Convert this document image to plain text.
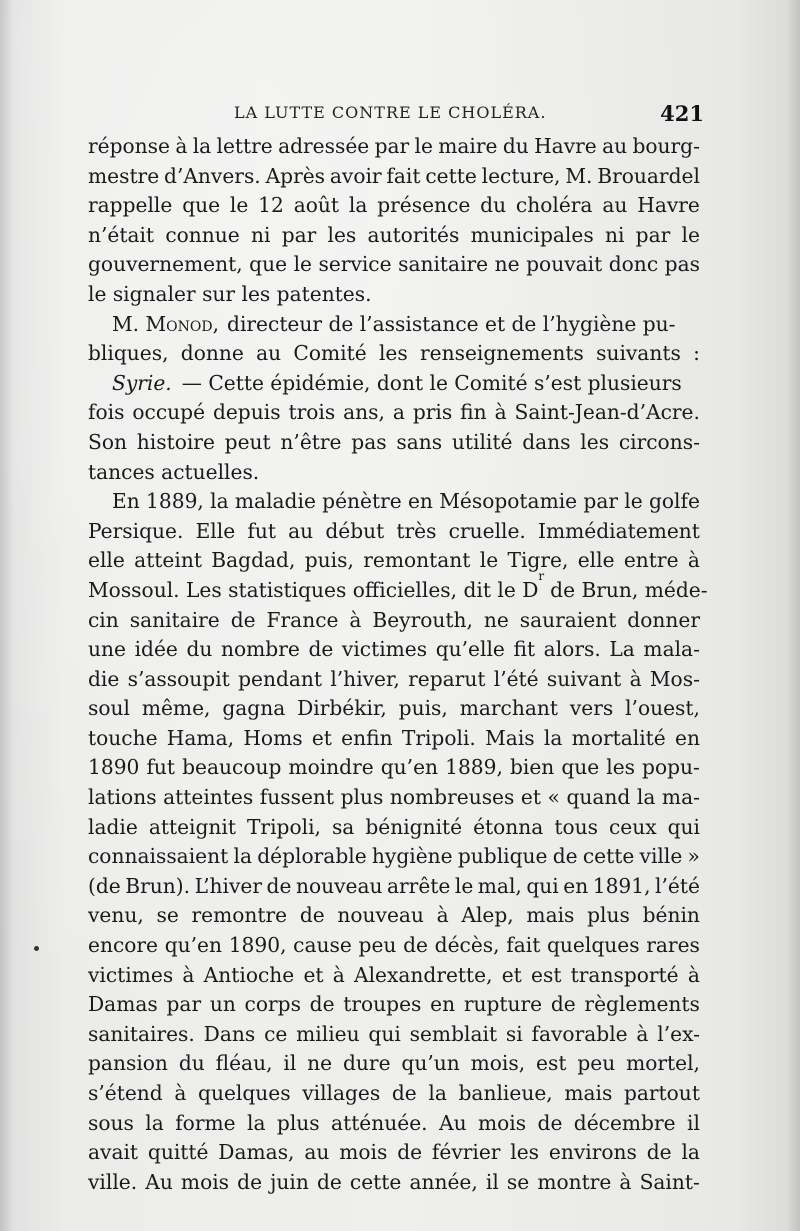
LA LUTTE CONTRE LE CHOLÉRA.	421
réponse à la lettre adressée par le maire du Havre au bourg-
mestre d’Anvers. Après avoir fait cette lecture, M. Brouardel
rappelle que le 12 août la présence du choléra au Havre
n’était connue ni par les autorités municipales ni par le
gouvernement, que le service sanitaire ne pouvait donc pas
le signaler sur les patentes.
M. Monod, directeur de l’assistance et de l’hygiène pu-
bliques, donne au Comité les renseignements suivants :
Syrie. — Cette épidémie, dont le Comité s’est plusieurs
fois occupé depuis trois ans, a pris fin à Saint-Jean-d’Acre.
Son histoire peut n’être pas sans utilité dans les circons-
tances actuelles.
En 1889, la maladie pénètre en Mésopotamie par le golfe
Persique. Elle fut au début très cruelle. Immédiatement
elle atteint Bagdad, puis, remontant le Tigre, elle entre à
Mossoul. Les statistiques officielles, dit le D
r
de Brun, méde-
cin sanitaire de France à Beyrouth, ne sauraient donner
une idée du nombre de victimes qu’elle fit alors. La mala-
die s’assoupit pendant l’hiver, reparut l’été suivant à Mos-
soul même, gagna Dirbékir, puis, marchant vers l’ouest,
touche Hama, Homs et enfin Tripoli. Mais la mortalité en
1890 fut beaucoup moindre qu’en 1889, bien que les popu-
lations atteintes fussent plus nombreuses et « quand la ma-
ladie atteignit Tripoli, sa bénignité étonna tous ceux qui
connaissaient la déplorable hygiène publique de cette ville »
(de Brun). L’hiver de nouveau arrête le mal, qui en 1891, l’été
venu, se remontre de nouveau à Alep, mais plus bénin
encore qu’en 1890, cause peu de décès, fait quelques rares
victimes à Antioche et à Alexandrette, et est transporté à
Damas par un corps de troupes en rupture de règlements
sanitaires. Dans ce milieu qui semblait si favorable à l’ex-
pansion du fléau, il ne dure qu’un mois, est peu mortel,
s’étend à quelques villages de la banlieue, mais partout
sous la forme la plus atténuée. Au mois de décembre il
avait quitté Damas, au mois de février les environs de la
ville. Au mois de juin de cette année, il se montre à Saint-
